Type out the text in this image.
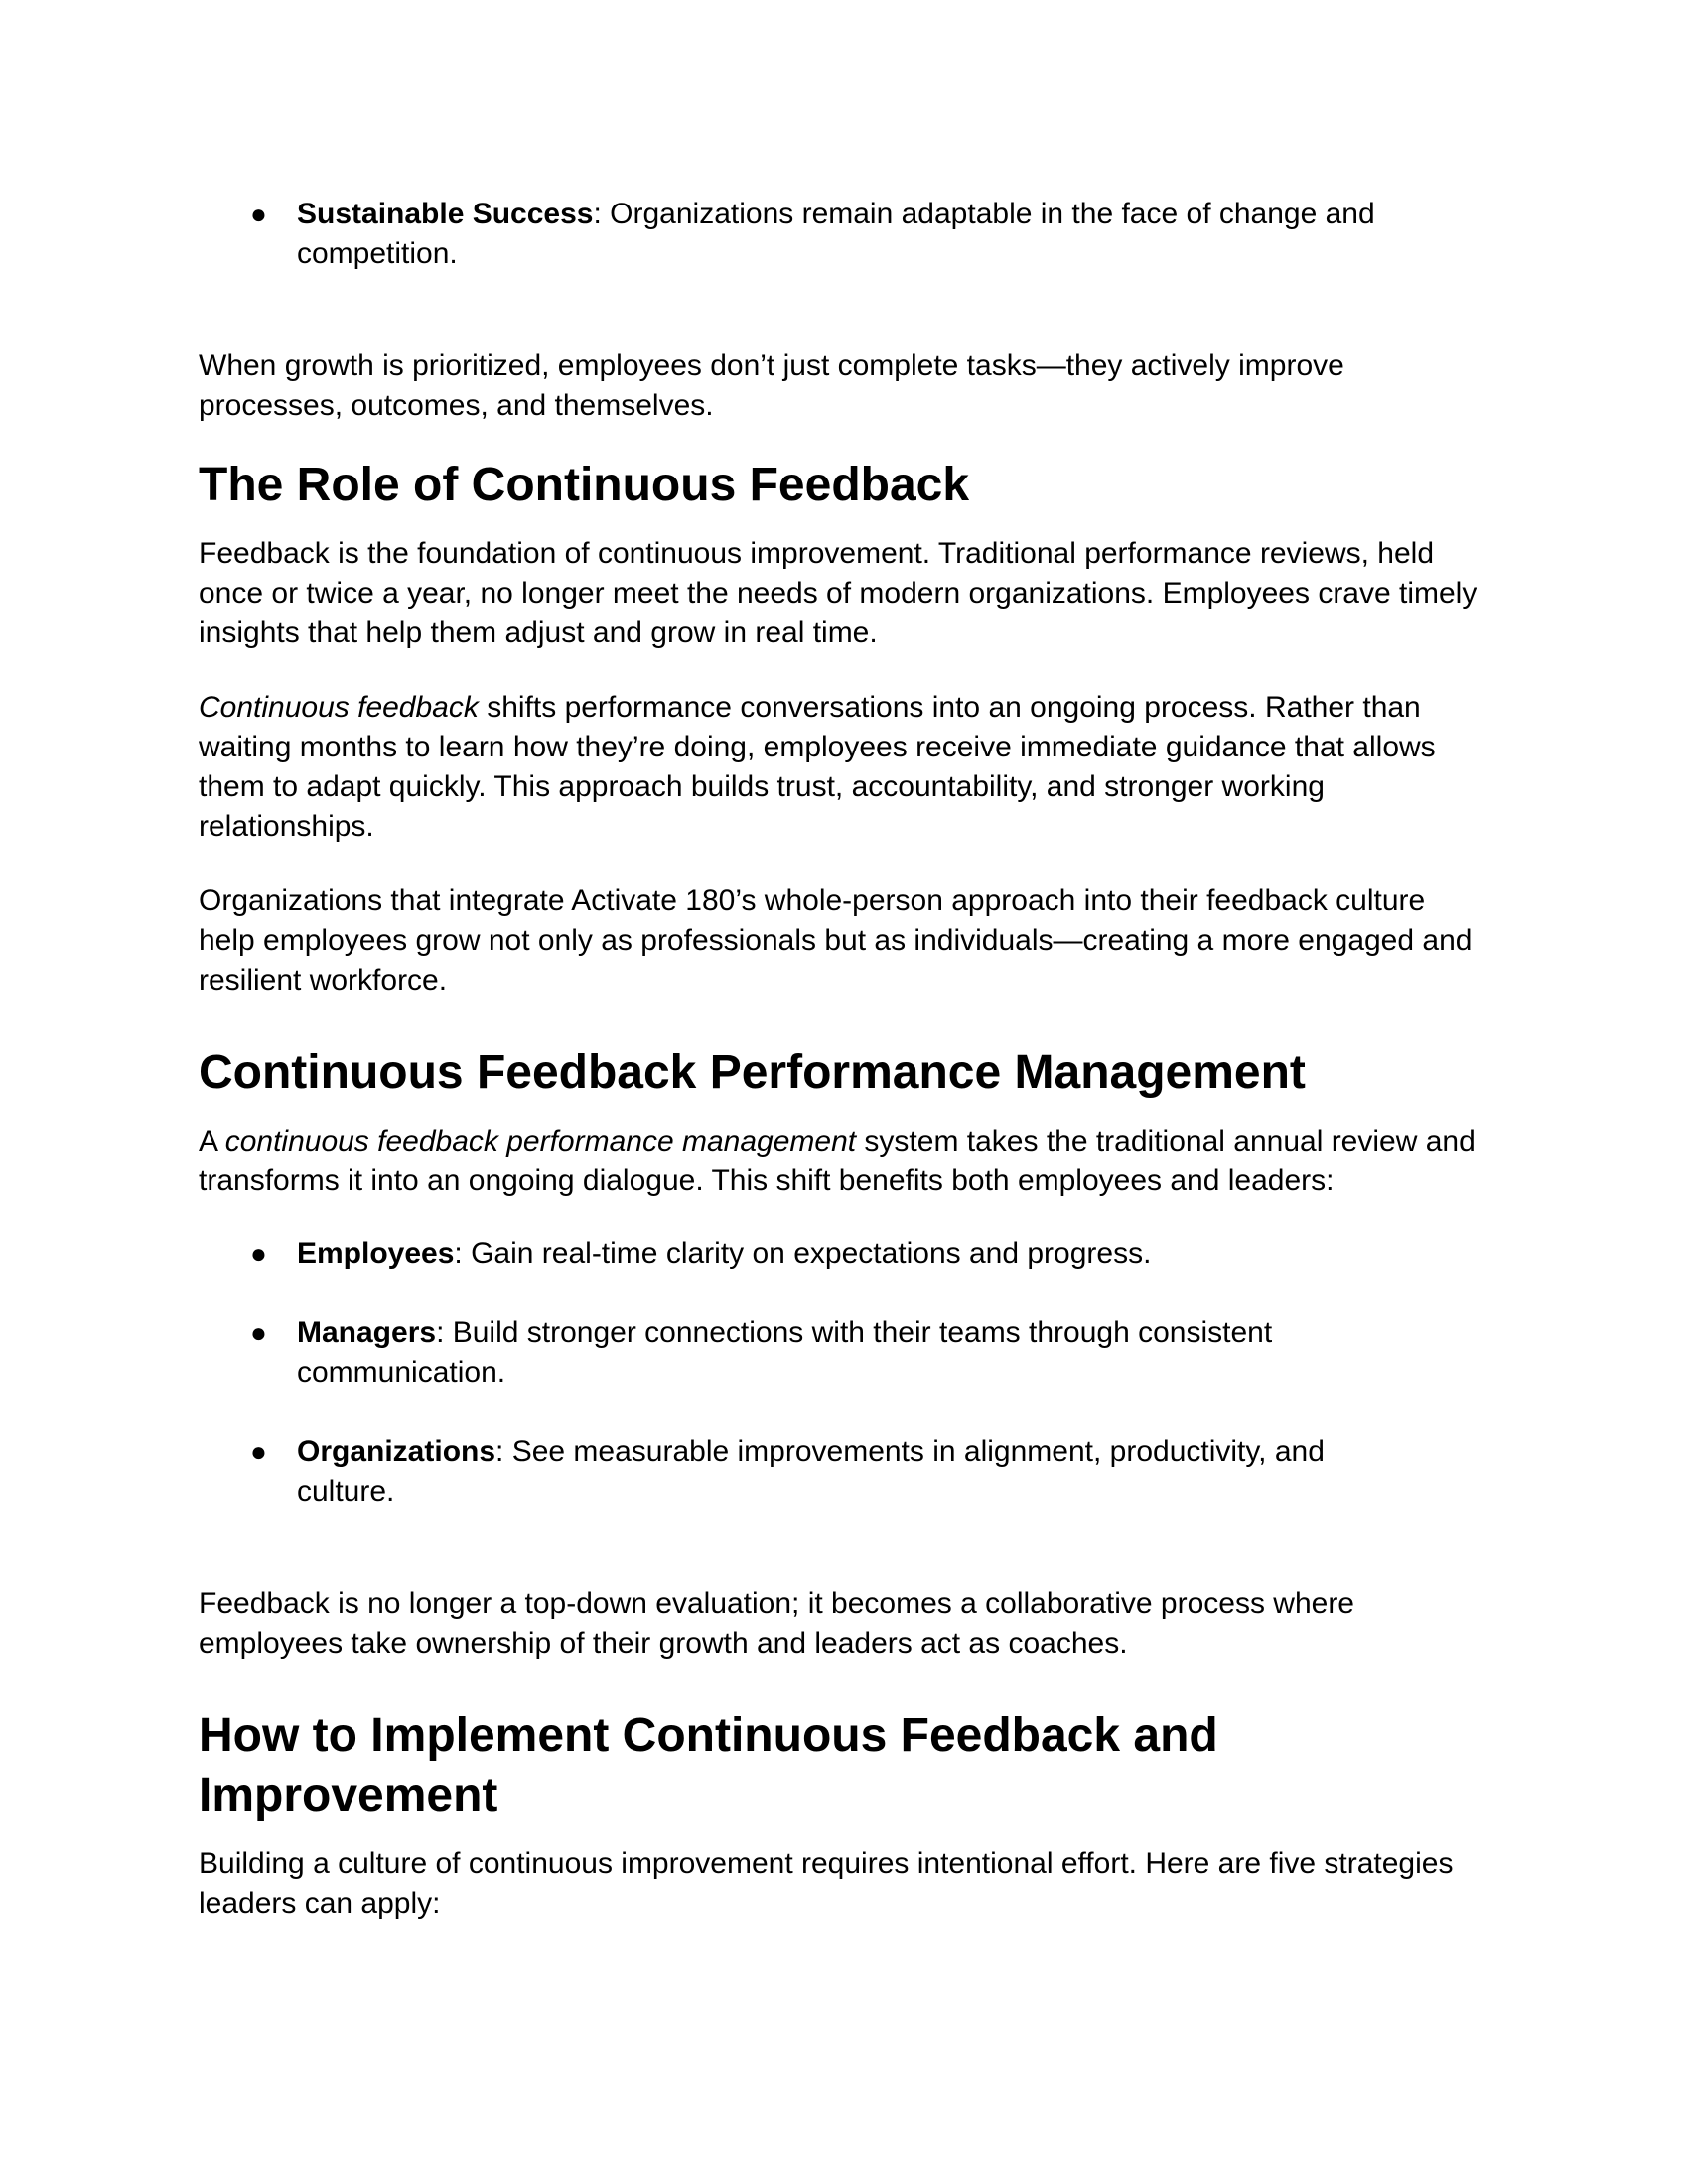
● Sustainable Success: Organizations remain adaptable in the face of change and competition.

When growth is prioritized, employees don’t just complete tasks—they actively improve processes, outcomes, and themselves.

The Role of Continuous Feedback

Feedback is the foundation of continuous improvement. Traditional performance reviews, held once or twice a year, no longer meet the needs of modern organizations. Employees crave timely insights that help them adjust and grow in real time.

Continuous feedback shifts performance conversations into an ongoing process. Rather than waiting months to learn how they’re doing, employees receive immediate guidance that allows them to adapt quickly. This approach builds trust, accountability, and stronger working relationships.

Organizations that integrate Activate 180’s whole-person approach into their feedback culture help employees grow not only as professionals but as individuals—creating a more engaged and resilient workforce.

Continuous Feedback Performance Management

A continuous feedback performance management system takes the traditional annual review and transforms it into an ongoing dialogue. This shift benefits both employees and leaders:

● Employees: Gain real-time clarity on expectations and progress.
● Managers: Build stronger connections with their teams through consistent communication.
● Organizations: See measurable improvements in alignment, productivity, and culture.

Feedback is no longer a top-down evaluation; it becomes a collaborative process where employees take ownership of their growth and leaders act as coaches.

How to Implement Continuous Feedback and Improvement

Building a culture of continuous improvement requires intentional effort. Here are five strategies leaders can apply:
